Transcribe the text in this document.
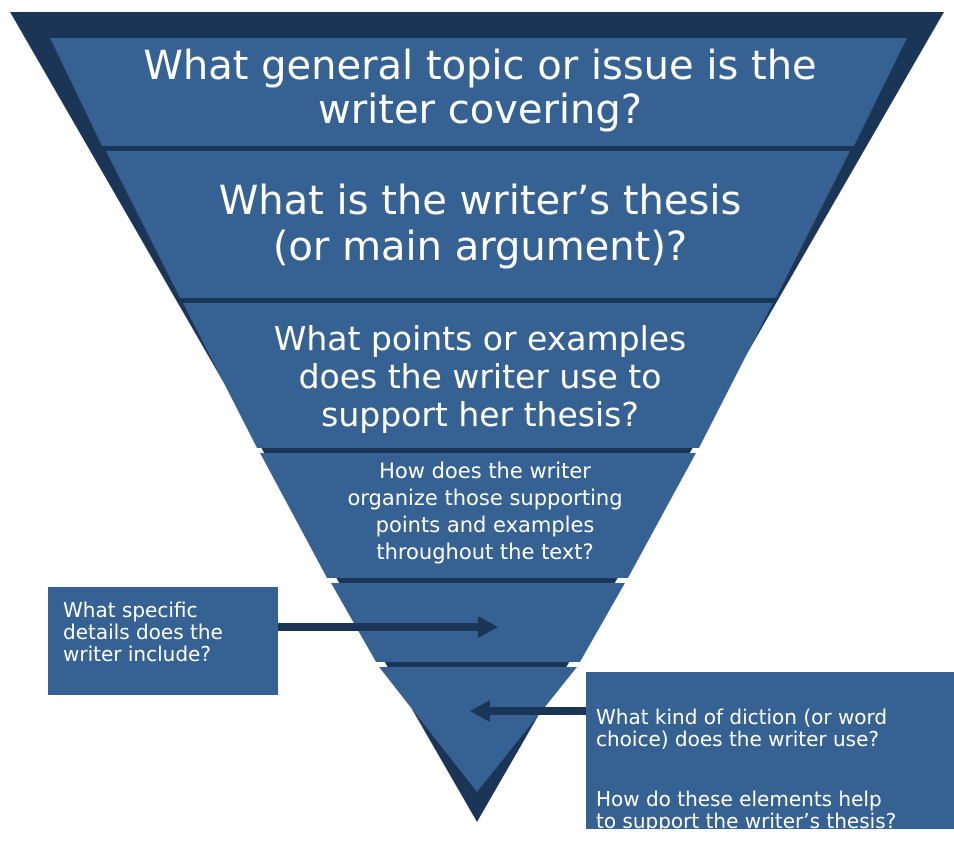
What general topic or issue is the
writer covering?
What is the writer’s thesis
(or main argument)?
What points or examples
does the writer use to
support her thesis?
How does the writer
organize those supporting
points and examples
throughout the text?
What specific
details does the
writer include?

What kind of diction (or word
choice) does the writer use?

How do these elements help
to support the writer’s thesis?
